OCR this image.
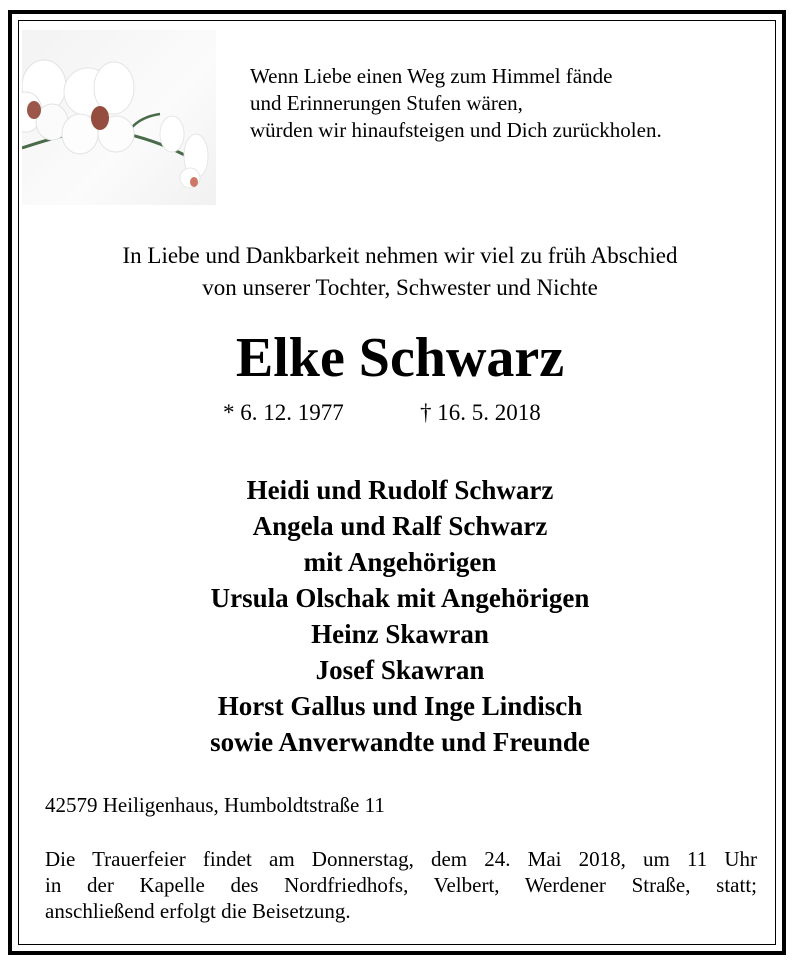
Wenn Liebe einen Weg zum Himmel fände
und Erinnerungen Stufen wären,
würden wir hinaufsteigen und Dich zurückholen.
In Liebe und Dankbarkeit nehmen wir viel zu früh Abschied
von unserer Tochter, Schwester und Nichte
Elke Schwarz
* 6. 12. 1977	† 16. 5. 2018
Heidi und Rudolf Schwarz
Angela und Ralf Schwarz
mit Angehörigen
Ursula Olschak mit Angehörigen
Heinz Skawran
Josef Skawran
Horst Gallus und Inge Lindisch
sowie Anverwandte und Freunde
42579 Heiligenhaus, Humboldtstraße 11
Die Trauerfeier findet am Donnerstag, dem 24. Mai 2018, um 11 Uhr
in der Kapelle des Nordfriedhofs, Velbert, Werdener Straße, statt;
anschließend erfolgt die Beisetzung.
